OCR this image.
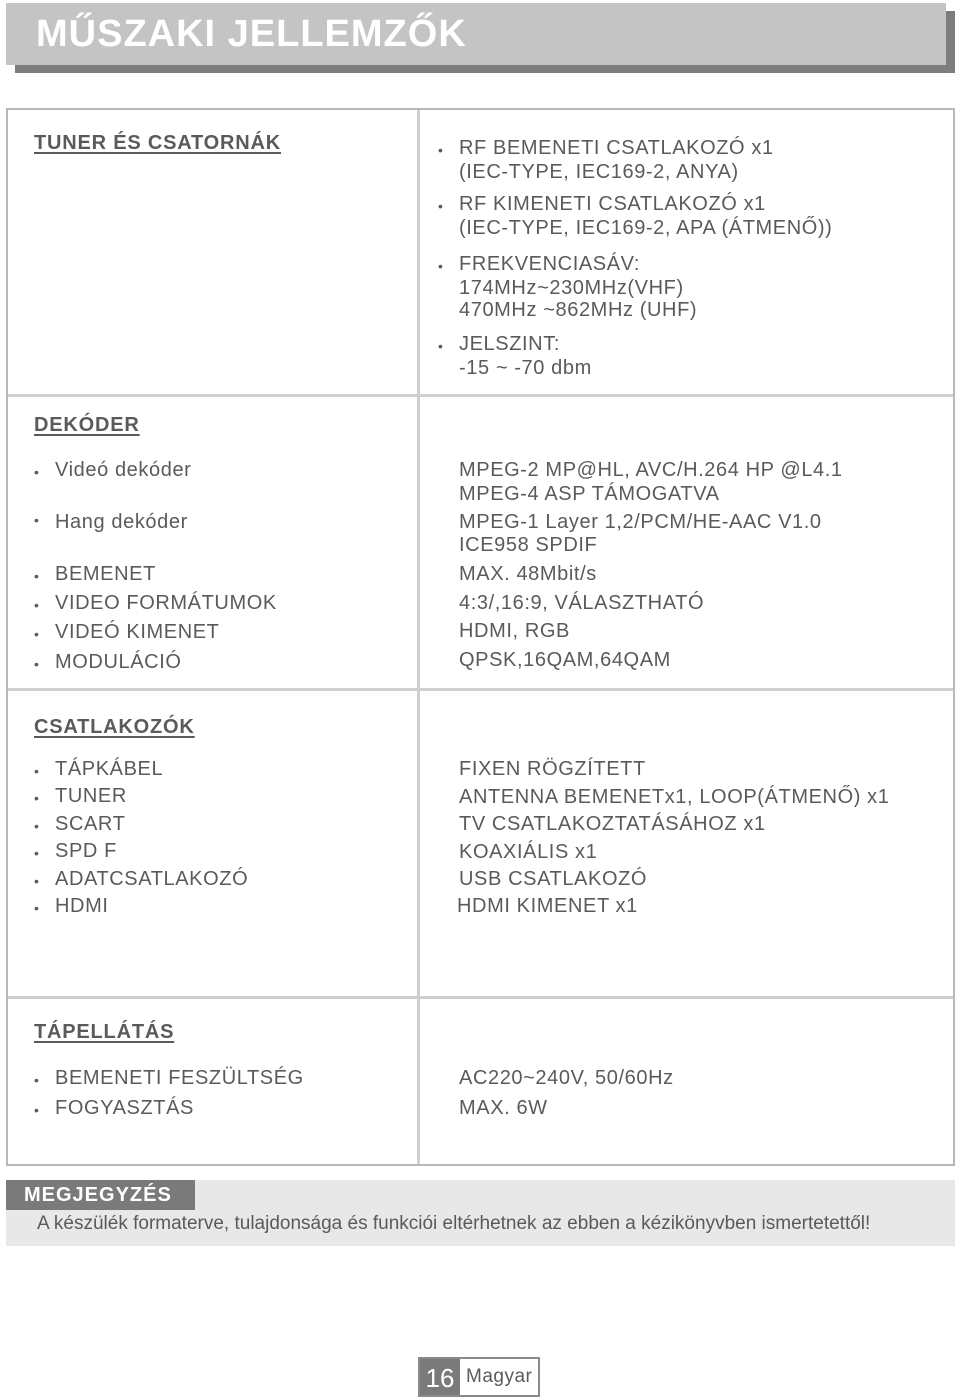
MŰSZAKI JELLEMZŐK
TUNER ÉS CSATORNÁK	• RF BEMENETI CSATLAKOZÓ x1
(IEC-TYPE, IEC169-2, ANYA)
• RF KIMENETI CSATLAKOZÓ x1
(IEC-TYPE, IEC169-2, APA (ÁTMENŐ))
• FREKVENCIASÁV:
174MHz~230MHz(VHF)
470MHz ~862MHz (UHF)
• JELSZINT:
-15 ~ -70 dbm
DEKÓDER
• Videó dekóder	MPEG-2 MP@HL, AVC/H.264 HP @L4.1
MPEG-4 ASP TÁMOGATVA
• Hang dekóder	MPEG-1 Layer 1,2/PCM/HE-AAC V1.0
ICE958 SPDIF
• BEMENET	MAX. 48Mbit/s
• VIDEO FORMÁTUMOK	4:3/,16:9, VÁLASZTHATÓ
• VIDEÓ KIMENET	HDMI, RGB
• MODULÁCIÓ	QPSK,16QAM,64QAM
CSATLAKOZÓK
• TÁPKÁBEL	FIXEN RÖGZÍTETT
• TUNER	ANTENNA BEMENETx1, LOOP(ÁTMENŐ) x1
• SCART	TV CSATLAKOZTATÁSÁHOZ x1
• SPD F	KOAXIÁLIS x1
• ADATCSATLAKOZÓ	USB CSATLAKOZÓ
• HDMI	HDMI KIMENET x1
TÁPELLÁTÁS
• BEMENETI FESZÜLTSÉG	AC220~240V, 50/60Hz
• FOGYASZTÁS	MAX. 6W
MEGJEGYZÉS
A készülék formaterve, tulajdonsága és funkciói eltérhetnek az ebben a kézikönyvben ismertetettől!
16 Magyar
